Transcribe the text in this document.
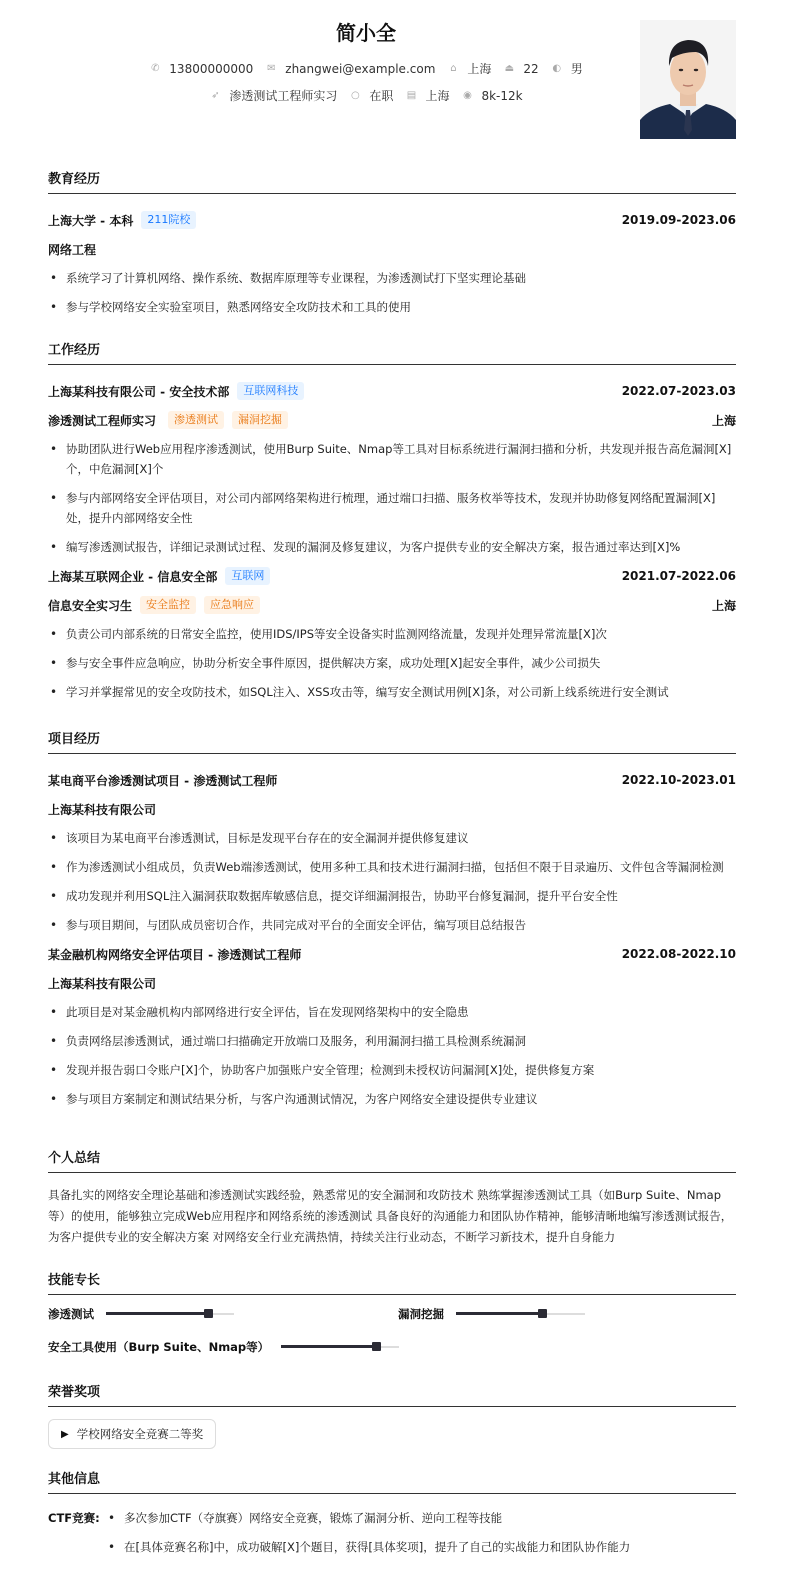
简小全
✆ 13800000000 ✉ zhangwei@example.com ⌂ 上海 ⏏ 22 ◐ 男
➶ 渗透测试工程师实习 ○ 在职 ▤ 上海 ◉ 8k-12k
教育经历
上海大学 - 本科	211院校	2019.09-2023.06
网络工程
• 系统学习了计算机网络、操作系统、数据库原理等专业课程，为渗透测试打下坚实理论基础
• 参与学校网络安全实验室项目，熟悉网络安全攻防技术和工具的使用
工作经历
上海某科技有限公司 - 安全技术部	互联网科技	2022.07-2023.03
渗透测试工程师实习	渗透测试	漏洞挖掘	上海
• 协助团队进行Web应用程序渗透测试，使用Burp Suite、Nmap等工具对目标系统进行漏洞扫描和分析，共发现并报告高危漏洞[X]个，中危漏洞[X]个
• 参与内部网络安全评估项目，对公司内部网络架构进行梳理，通过端口扫描、服务枚举等技术，发现并协助修复网络配置漏洞[X]处，提升内部网络安全性
• 编写渗透测试报告，详细记录测试过程、发现的漏洞及修复建议，为客户提供专业的安全解决方案，报告通过率达到[X]%
上海某互联网企业 - 信息安全部	互联网	2021.07-2022.06
信息安全实习生	安全监控	应急响应	上海
• 负责公司内部系统的日常安全监控，使用IDS/IPS等安全设备实时监测网络流量，发现并处理异常流量[X]次
• 参与安全事件应急响应，协助分析安全事件原因，提供解决方案，成功处理[X]起安全事件，减少公司损失
• 学习并掌握常见的安全攻防技术，如SQL注入、XSS攻击等，编写安全测试用例[X]条，对公司新上线系统进行安全测试
项目经历
某电商平台渗透测试项目 - 渗透测试工程师	2022.10-2023.01
上海某科技有限公司
• 该项目为某电商平台渗透测试，目标是发现平台存在的安全漏洞并提供修复建议
• 作为渗透测试小组成员，负责Web端渗透测试，使用多种工具和技术进行漏洞扫描，包括但不限于目录遍历、文件包含等漏洞检测
• 成功发现并利用SQL注入漏洞获取数据库敏感信息，提交详细漏洞报告，协助平台修复漏洞，提升平台安全性
• 参与项目期间，与团队成员密切合作，共同完成对平台的全面安全评估，编写项目总结报告
某金融机构网络安全评估项目 - 渗透测试工程师	2022.08-2022.10
上海某科技有限公司
• 此项目是对某金融机构内部网络进行安全评估，旨在发现网络架构中的安全隐患
• 负责网络层渗透测试，通过端口扫描确定开放端口及服务，利用漏洞扫描工具检测系统漏洞
• 发现并报告弱口令账户[X]个，协助客户加强账户安全管理；检测到未授权访问漏洞[X]处，提供修复方案
• 参与项目方案制定和测试结果分析，与客户沟通测试情况，为客户网络安全建设提供专业建议
个人总结
具备扎实的网络安全理论基础和渗透测试实践经验，熟悉常见的安全漏洞和攻防技术 熟练掌握渗透测试工具（如Burp Suite、Nmap等）的使用，能够独立完成Web应用程序和网络系统的渗透测试 具备良好的沟通能力和团队协作精神，能够清晰地编写渗透测试报告，为客户提供专业的安全解决方案 对网络安全行业充满热情，持续关注行业动态，不断学习新技术，提升自身能力
技能专长
渗透测试	漏洞挖掘
安全工具使用（Burp Suite、Nmap等）
荣誉奖项
▶ 学校网络安全竞赛二等奖
其他信息
CTF竞赛:	• 多次参加CTF（夺旗赛）网络安全竞赛，锻炼了漏洞分析、逆向工程等技能
• 在[具体竞赛名称]中，成功破解[X]个题目，获得[具体奖项]，提升了自己的实战能力和团队协作能力
